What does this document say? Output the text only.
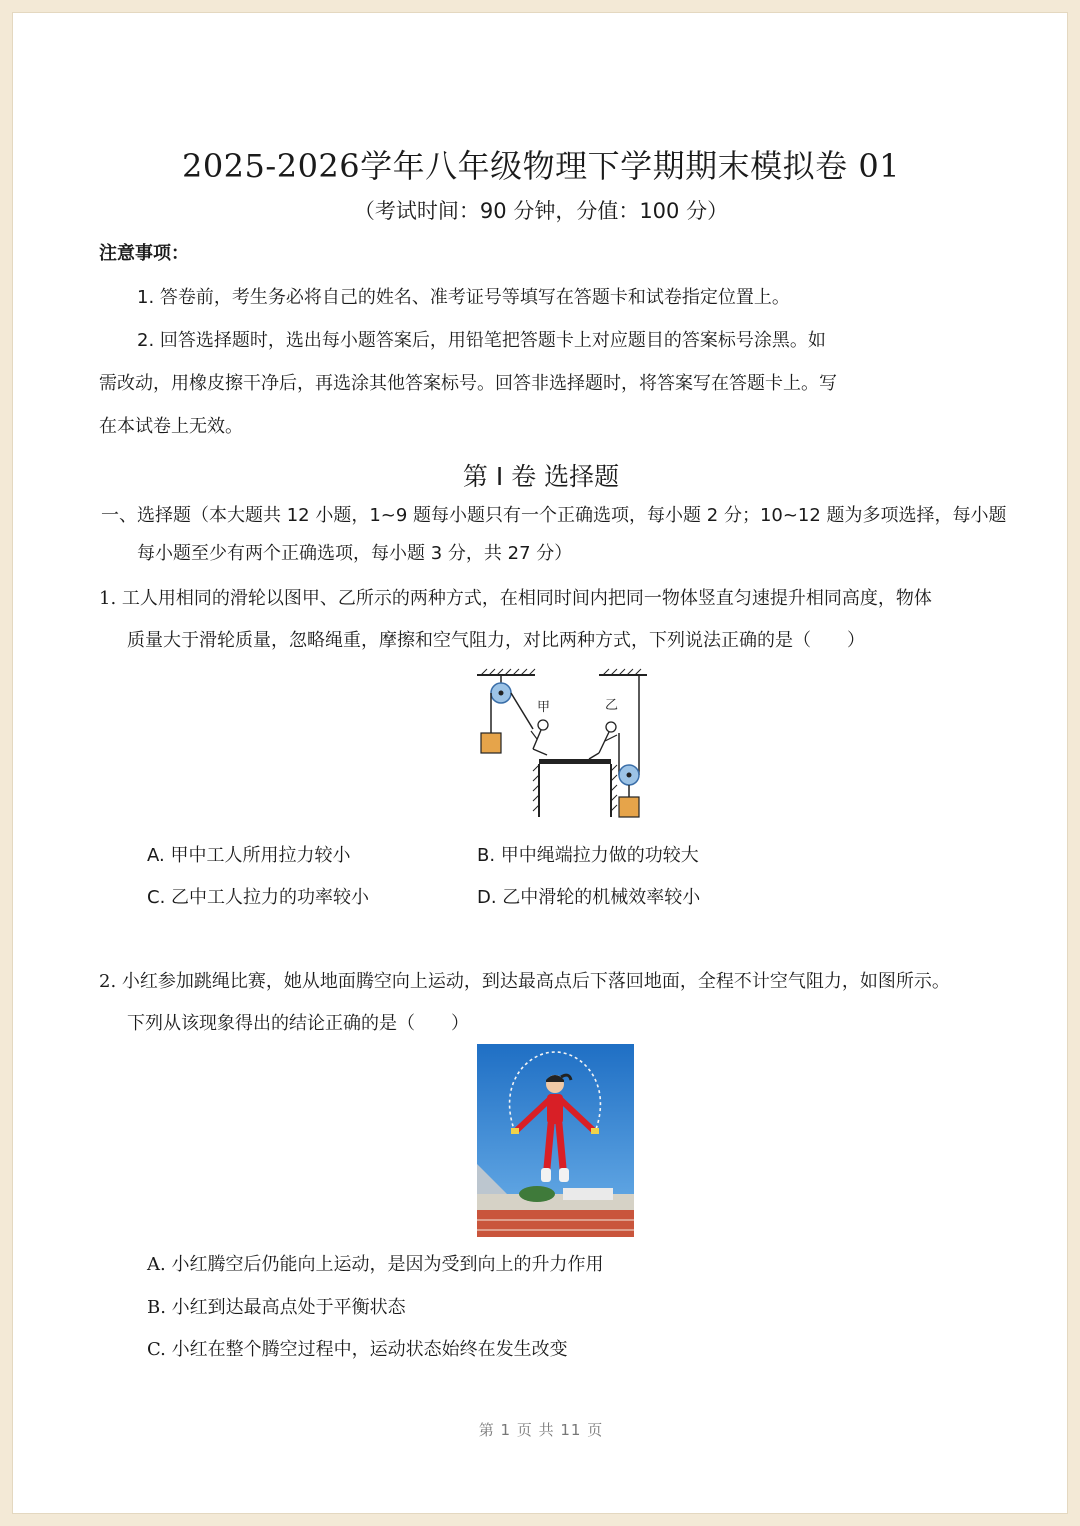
2025-2026学年八年级物理下学期期末模拟卷 01
（考试时间：90 分钟，分值：100 分）
注意事项：
1. 答卷前，考生务必将自己的姓名、准考证号等填写在答题卡和试卷指定位置上。
2. 回答选择题时，选出每小题答案后，用铅笔把答题卡上对应题目的答案标号涂黑。如
需改动，用橡皮擦干净后，再选涂其他答案标号。回答非选择题时，将答案写在答题卡上。写
在本试卷上无效。
第 Ⅰ 卷 选择题
一、选择题（本大题共 12 小题，1~9 题每小题只有一个正确选项，每小题 2 分；10~12 题为多项选择，每小题
每小题至少有两个正确选项，每小题 3 分，共 27 分）
1. 工人用相同的滑轮以图甲、乙所示的两种方式，在相同时间内把同一物体竖直匀速提升相同高度，物体
质量大于滑轮质量，忽略绳重，摩擦和空气阻力，对比两种方式，下列说法正确的是（　　）
甲	乙
A. 甲中工人所用拉力较小	B. 甲中绳端拉力做的功较大
C. 乙中工人拉力的功率较小	D. 乙中滑轮的机械效率较小
2. 小红参加跳绳比赛，她从地面腾空向上运动，到达最高点后下落回地面，全程不计空气阻力，如图所示。
下列从该现象得出的结论正确的是（　　）
A. 小红腾空后仍能向上运动，是因为受到向上的升力作用
B. 小红到达最高点处于平衡状态
C. 小红在整个腾空过程中，运动状态始终在发生改变
第 1 页 共 11 页
